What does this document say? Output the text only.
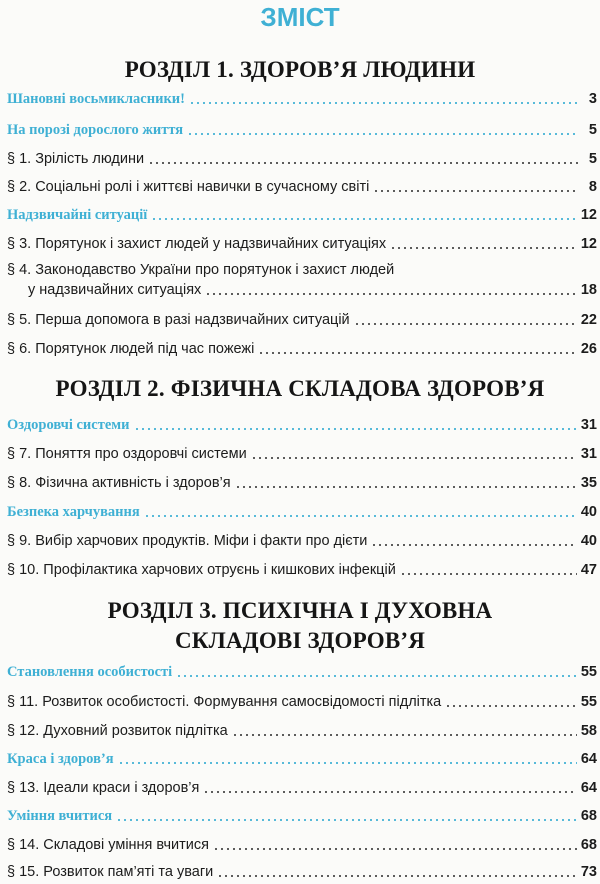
ЗМІСТ
РОЗДІЛ 1. ЗДОРОВ’Я ЛЮДИНИ
Шановні восьмикласники!	3
На порозі дорослого життя	5
§ 1. Зрілість людини	5
§ 2. Соціальні ролі і життєві навички в сучасному світі	8
Надзвичайні ситуації	12
§ 3. Порятунок і захист людей у надзвичайних ситуаціях	12
§ 4. Законодавство України про порятунок і захист людей
у надзвичайних ситуаціях	18
§ 5. Перша допомога в разі надзвичайних ситуацій	22
§ 6. Порятунок людей під час пожежі	26
РОЗДІЛ 2. ФІЗИЧНА СКЛАДОВА ЗДОРОВ’Я
Оздоровчі системи	31
§ 7. Поняття про оздоровчі системи	31
§ 8. Фізична активність і здоров’я	35
Безпека харчування	40
§ 9. Вибір харчових продуктів. Міфи і факти про дієти	40
§ 10. Профілактика харчових отруєнь і кишкових інфекцій	47
РОЗДІЛ 3. ПСИХІЧНА І ДУХОВНА
СКЛАДОВІ ЗДОРОВ’Я
Становлення особистості	55
§ 11. Розвиток особистості. Формування самосвідомості підлітка	55
§ 12. Духовний розвиток підлітка	58
Краса і здоров’я	64
§ 13. Ідеали краси і здоров’я	64
Уміння вчитися	68
§ 14. Складові уміння вчитися	68
§ 15. Розвиток пам’яті та уваги	73
